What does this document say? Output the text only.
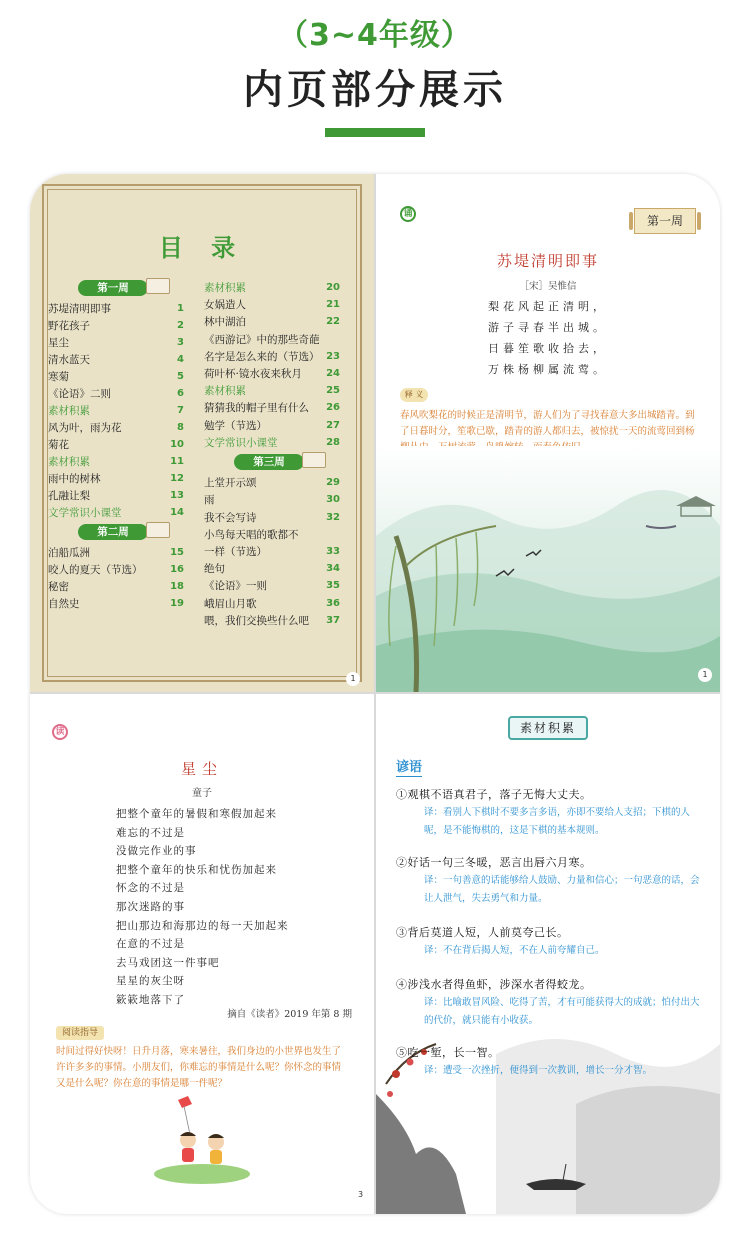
（3~4年级）
内页部分展示
目 录
第一周
苏堤清明即事	1
野花孩子	2
星尘	3
清水蓝天	4
寒菊	5
《论语》二则	6
素材积累	7
风为叶，雨为花	8
菊花	10
素材积累	11
雨中的树林	12
孔融让梨	13
文学常识小课堂	14
第二周
泊船瓜洲	15
咬人的夏天（节选）	16
秘密	18
自然史	19
素材积累	20
女娲造人	21
林中湖泊	22
《西游记》中的那些奇葩
名字是怎么来的（节选） 23
荷叶杯·镜水夜来秋月 24
素材积累	25
猜猜我的帽子里有什么 26
勉学（节选）	27
文学常识小课堂	28
第三周
上堂开示颂	29
雨	30
我不会写诗	32
小鸟每天唱的歌都不
一样（节选）	33
绝句	34
《论语》一则	35
峨眉山月歌	36
喂，我们交换些什么吧 37
1
诵	第一周
苏堤清明即事
［宋］吴惟信
梨花风起正清明，
游子寻春半出城。
日暮笙歌收拾去，
万株杨柳属流莺。
释 义
春风吹梨花的时候正是清明节，游人们为了寻找春意大多出城踏青。到了日暮时分，笙歌已歇，踏青的游人都归去，被惊扰一天的流莺回到杨
1
读
星尘
童子
把整个童年的暑假和寒假加起来
难忘的不过是
没做完作业的事
把整个童年的快乐和忧伤加起来
怀念的不过是
那次迷路的事
把山那边和海那边的每一天加起来
在意的不过是
去马戏团这一件事吧
星星的灰尘呀
簌簌地落下了
摘自《读者》2019 年第 8 期
阅读指导
时间过得好快呀！日升月落，寒来暑往，我们身边的小世界也发生了许许多多的事情。小朋友们，你难忘的事情是什么呢？你怀念的事情又是什么呢？你在意的事情是哪一件呢？
3
素材积累
谚语
①观棋不语真君子，落子无悔大丈夫。
译：看别人下棋时不要多言多语，亦即不要给人支招；下棋的人呢，是不能悔棋的，这是下棋的基本规则。
②好话一句三冬暖，恶言出唇六月寒。
译：一句善意的话能够给人鼓励、力量和信心；一句恶意的话，会让人泄气，失去勇气和力量。
③背后莫道人短，人前莫夸己长。
译：不在背后揭人短，不在人前夸耀自己。
④涉浅水者得鱼虾，涉深水者得蛟龙。
译：比喻敢冒风险、吃得了苦，才有可能获得大的成就；怕付出大的代价，就只能有小收获。
⑤吃一堑，长一智。
译：遭受一次挫折，便得到一次教训，增长一分才智。
